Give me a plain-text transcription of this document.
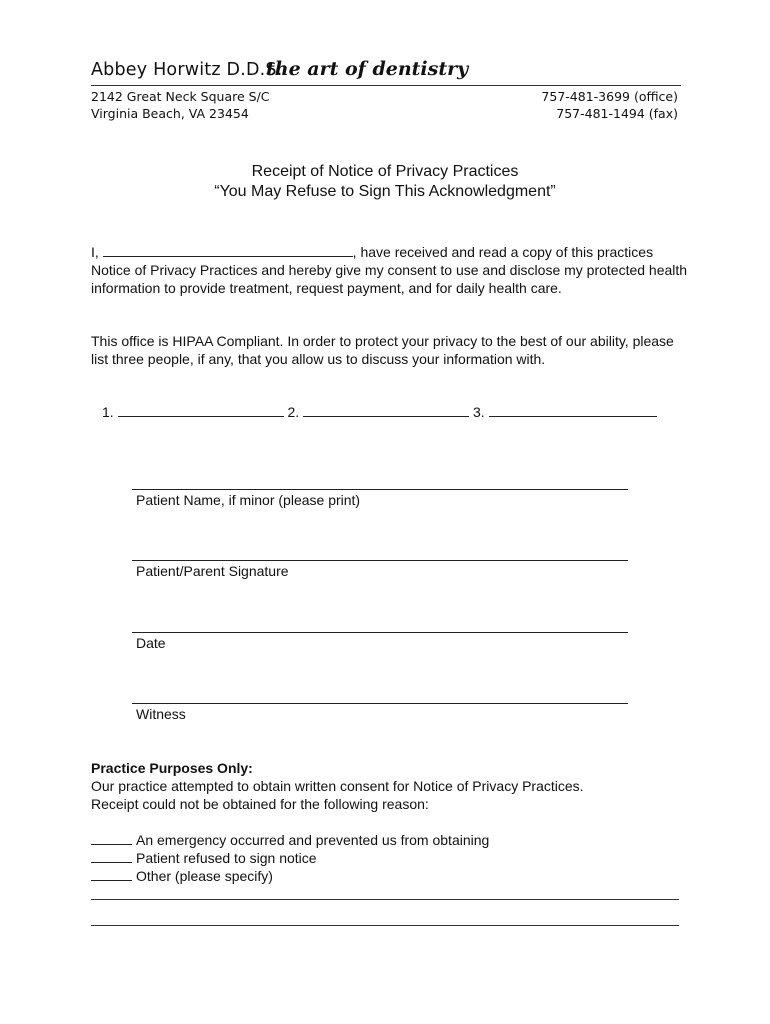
Abbey Horwitz D.D.S.
the art of dentistry
2142 Great Neck Square S/C
Virginia Beach, VA 23454
757-481-3699 (office)
757-481-1494 (fax)
Receipt of Notice of Privacy Practices
“You May Refuse to Sign This Acknowledgment”
I,	, have received and read a copy of this practices Notice of Privacy Practices and hereby give my consent to use and disclose my protected health information to provide treatment, request payment, and for daily health care.
This office is HIPAA Compliant. In order to protect your privacy to the best of our ability, please list three people, if any, that you allow us to discuss your information with.
1.	2.	3.
Patient Name, if minor (please print)
Patient/Parent Signature
Date
Witness
Practice Purposes Only:
Our practice attempted to obtain written consent for Notice of Privacy Practices.
Receipt could not be obtained for the following reason:
An emergency occurred and prevented us from obtaining
Patient refused to sign notice
Other (please specify)
